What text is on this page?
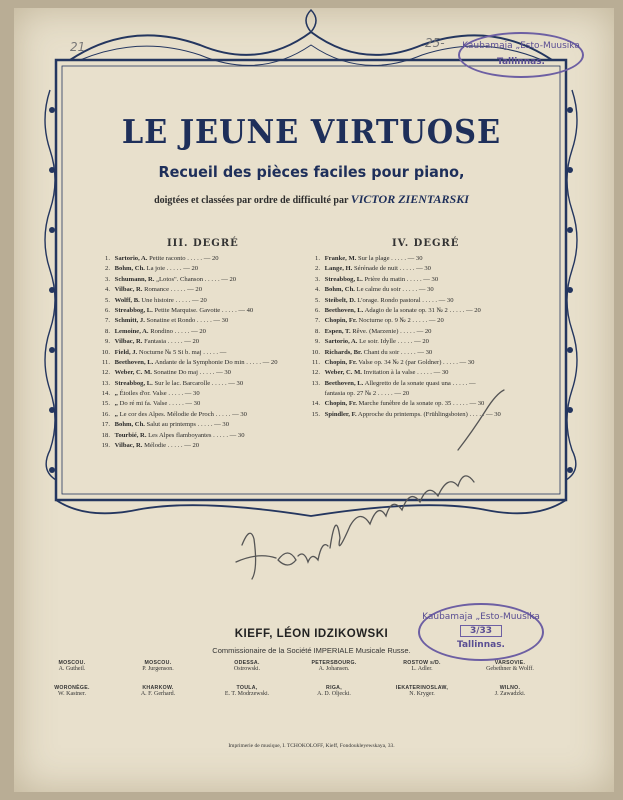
21	25- Kaubamaja „Esto-Muusika
Tallinnas.
LE JEUNE VIRTUOSE
Recueil des pièces faciles pour piano,
doigtées et classées par ordre de difficulté par VICTOR ZIENTARSKI
III. DEGRÉ
1. Sartorio, A. Petite raconto . . . . . — 20
2. Bohm, Ch. La joie . . . . . — 20
3. Schumann, R. „Lotos". Chanson . . . . . — 20
4. Vilbac, R. Romance . . . . . — 20
5. Wolff, B. Une histoire . . . . . — 20
6. Streabbog, L. Petite Marquise. Gavotte . . . . . — 40
7. Schmitt, J. Sonatine et Rondo . . . . . — 30
8. Lemoine, A. Rondino . . . . . — 20
9. Vilbac, R. Fantasia . . . . . — 20
10. Field, J. Nocturne № 5 Si b. maj . . . . . —
11. Beethoven, L. Andante de la Symphonie Do min . . . . . — 20
12. Weber, C. M. Sonatine Do maj . . . . . — 30
13. Streabbog, L. Sur le lac. Barcarolle . . . . . — 30
14. „ Étoiles d'or. Valse . . . . . — 30
15. „ Do ré mi fa. Valse . . . . . — 30
16. „ Le cor des Alpes. Mélodie de Proch . . . . . — 30
17. Bohm, Ch. Salut au printemps . . . . . — 30
18. Tourbié, R. Les Alpes flamboyantes . . . . . — 30
19. Vilbac, R. Mélodie . . . . . — 20
IV. DEGRÉ
1. Franke, M. Sur la plage . . . . . — 30
2. Lange, H. Sérénade de nuit . . . . . — 30
3. Streabbog, L. Prière du matin . . . . . — 30
4. Bohm, Ch. Le calme du soir . . . . . — 30
5. Steibelt, D. L'orage. Rondo pastoral . . . . . — 30
6. Beethoven, L. Adagio de la sonate op. 31 № 2 . . . . . — 20
7. Chopin, Fr. Nocturne op. 9 № 2 . . . . . — 20
8. Espen, T. Rêve. (Marzenie) . . . . . — 20
9. Sartorio, A. Le soir. Idylle . . . . . — 20
10. Richards, Br. Chant du soir . . . . . — 30
11. Chopin, Fr. Valse op. 34 № 2 (par Goldner) . . . . . — 30
12. Weber, C. M. Invitation à la valse . . . . . — 30
13. Beethoven, L. Allegretto de la sonate quasi una . . . . . —
fantasia op. 27 № 2 . . . . . — 20
14. Chopin, Fr. Marche funèbre de la sonate op. 35 . . . . . — 30
15. Spindler, F. Approche du printemps. (Frühlingsboten) . . . . . — 30
Kaubamaja „Esto-Muusika
3/33
Tallinnas.
KIEFF, LÉON IDZIKOWSKI
Commissionaire de la Société IMPERIALE Musicale Russe.
MOSCOU.
A. Gutheil.
MOSCOU.
P. Jurgenson.
ODESSA.
Ostrowski.
PETERSBOURG.
A. Johansen.
ROSTOW s/D.
L. Adler.
VARSOVIE.
Gebethner & Wolff.
WORONÈGE.
W. Kastner.
KHARKOW.
A. F. Gerhard.
TOULA,
E. T. Modrzewski.
RIGA,
A. D. Oljecki.
IEKATERINOSLAW,
N. Kryger.
WILNO.
J. Zawadzki.
Imprimerie de musique, I. TCHOKOLOFF, Kieff, Fondoukleyewskaya, 33.
